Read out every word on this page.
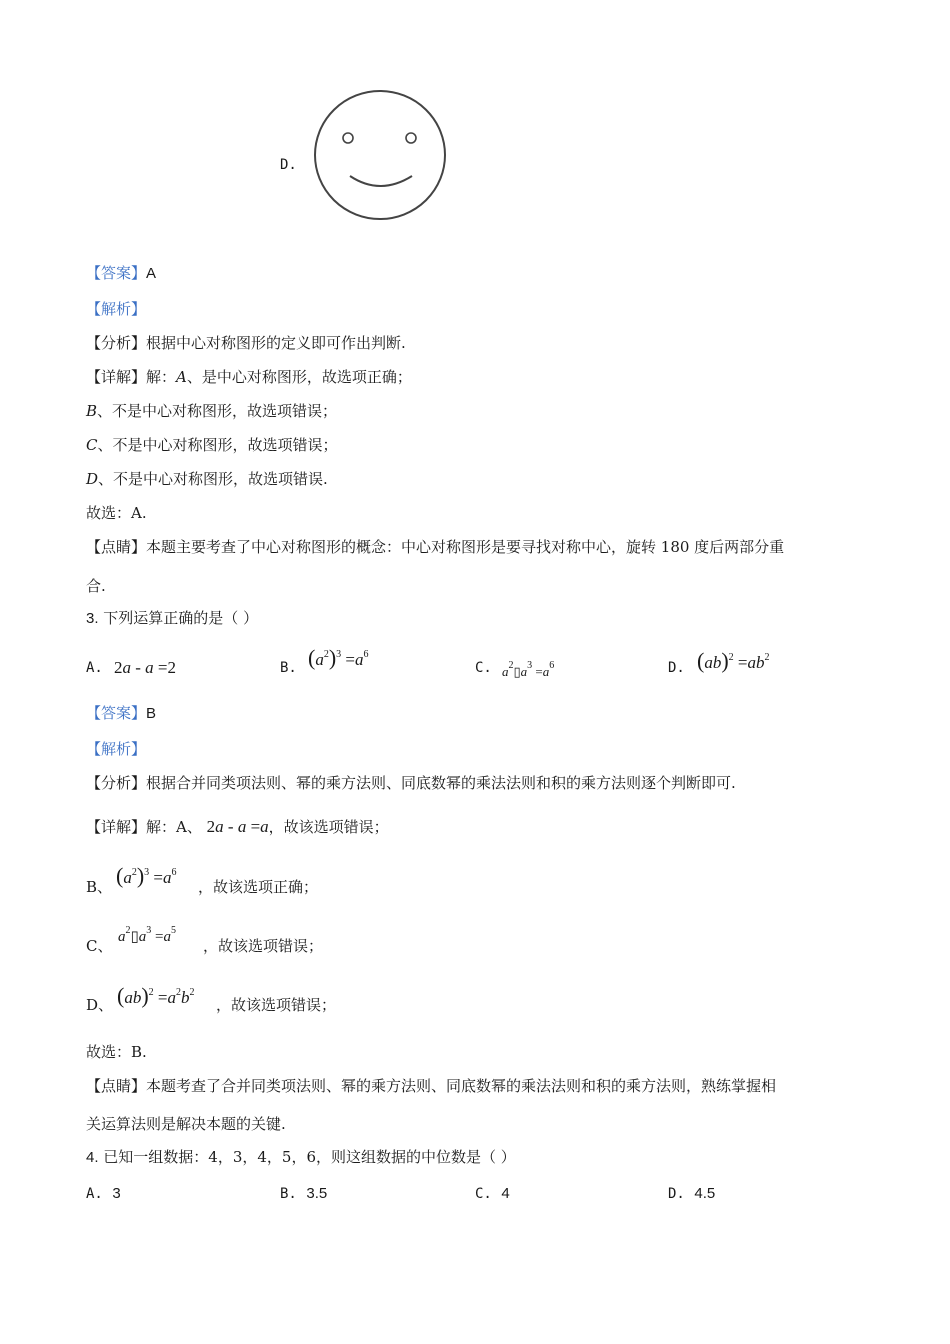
D.
【答案】A
【解析】
【分析】根据中心对称图形的定义即可作出判断.
【详解】解：A、是中心对称图形，故选项正确；
B、不是中心对称图形，故选项错误；
C、不是中心对称图形，故选项错误；
D、不是中心对称图形，故选项错误.
故选：A.
【点睛】本题主要考查了中心对称图形的概念：中心对称图形是要寻找对称中心，旋转 180 度后两部分重
合.
3. 下列运算正确的是（ ）
A. 2a - a =2	B. $(a^2)^3 =a^6$
C. $a^2▯a^3 =a^6$	D. $(ab)^2 =ab^2$
【答案】B
【解析】
【分析】根据合并同类项法则、幂的乘方法则、同底数幂的乘法法则和积的乘方法则逐个判断即可.
【详解】解：A、 2a - a =a，故该选项错误；
B、 $(a^2)^3 =a^6$
，故该选项正确；
C、 $a^2▯a^3 =a^5$
，故该选项错误；
D、 $(ab)^2 =a^2b^2$
，故该选项错误；
故选：B.
【点睛】本题考查了合并同类项法则、幂的乘方法则、同底数幂的乘法法则和积的乘方法则，熟练掌握相
关运算法则是解决本题的关键.
4. 已知一组数据：4，3，4，5，6，则这组数据的中位数是（ ）
A. 3	B. 3.5	C. 4	D. 4.5
